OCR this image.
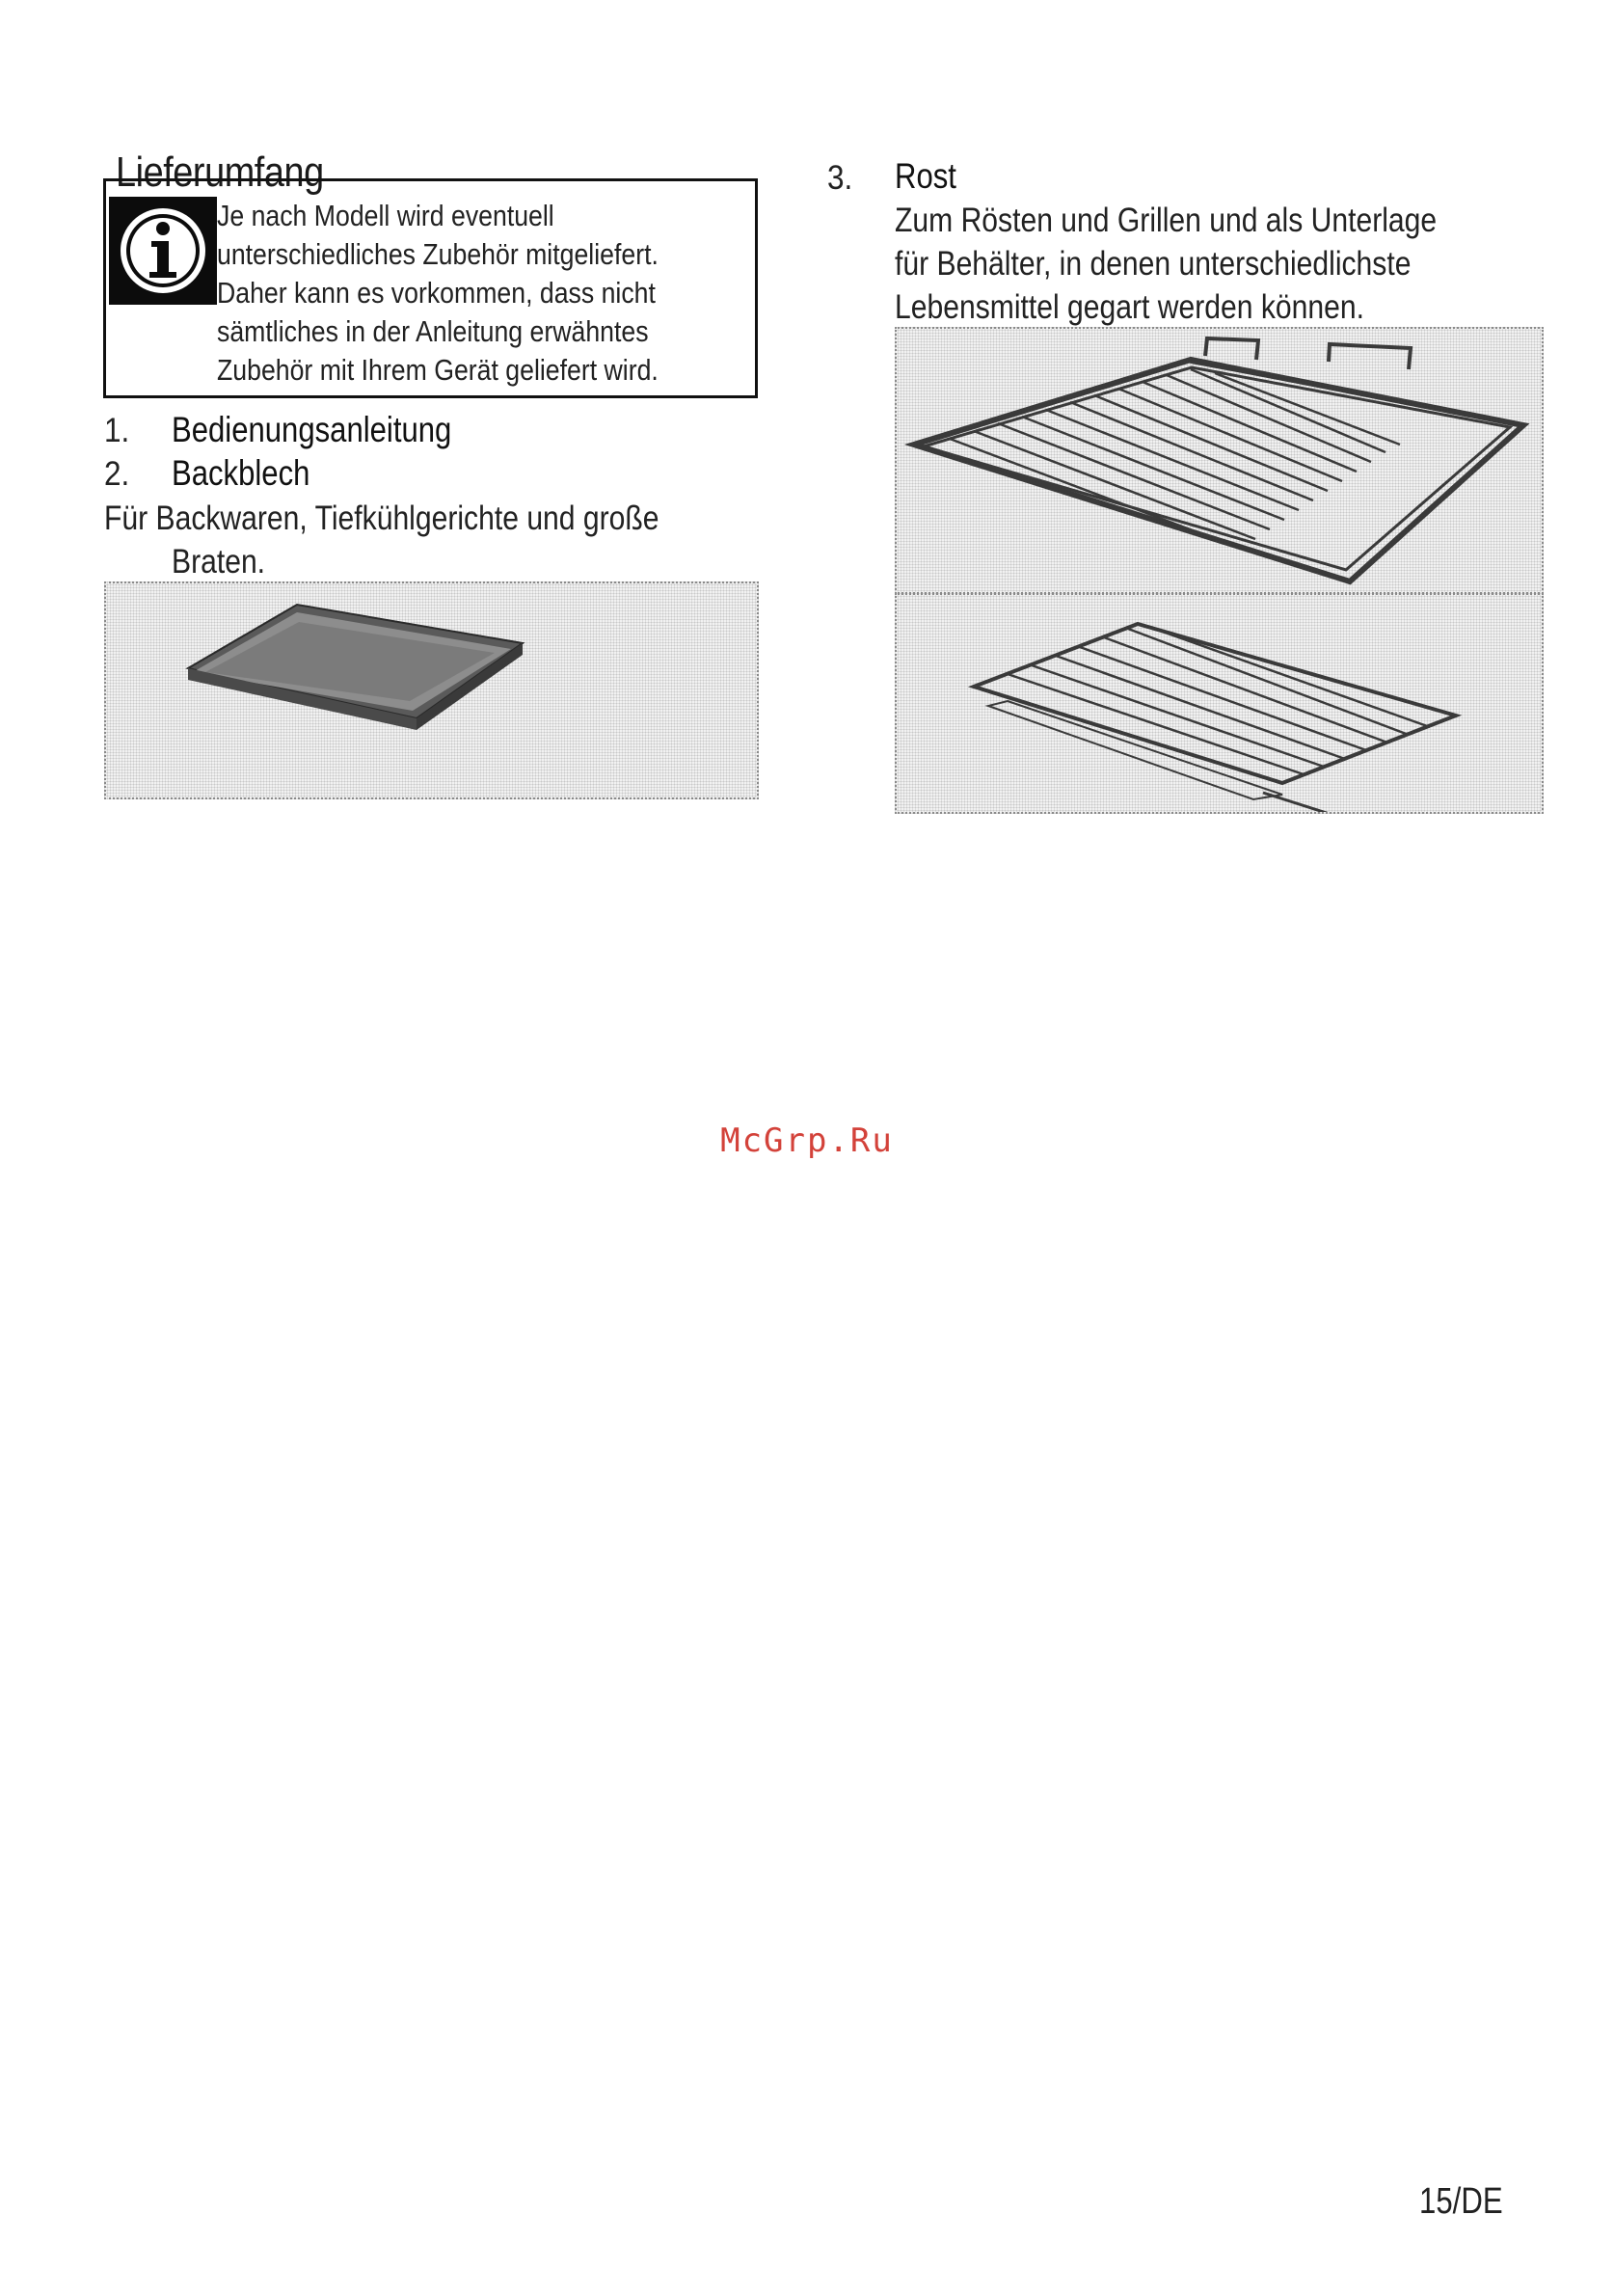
Lieferumfang
Je nach Modell wird eventuell
unterschiedliches Zubehör mitgeliefert.
Daher kann es vorkommen, dass nicht
sämtliches in der Anleitung erwähntes
Zubehör mit Ihrem Gerät geliefert wird.
1. Bedienungsanleitung
2. Backblech
Für Backwaren, Tiefkühlgerichte und große
Braten.
3. Rost
Zum Rösten und Grillen und als Unterlage
für Behälter, in denen unterschiedlichste
Lebensmittel gegart werden können.
McGrp.Ru
15/DE
